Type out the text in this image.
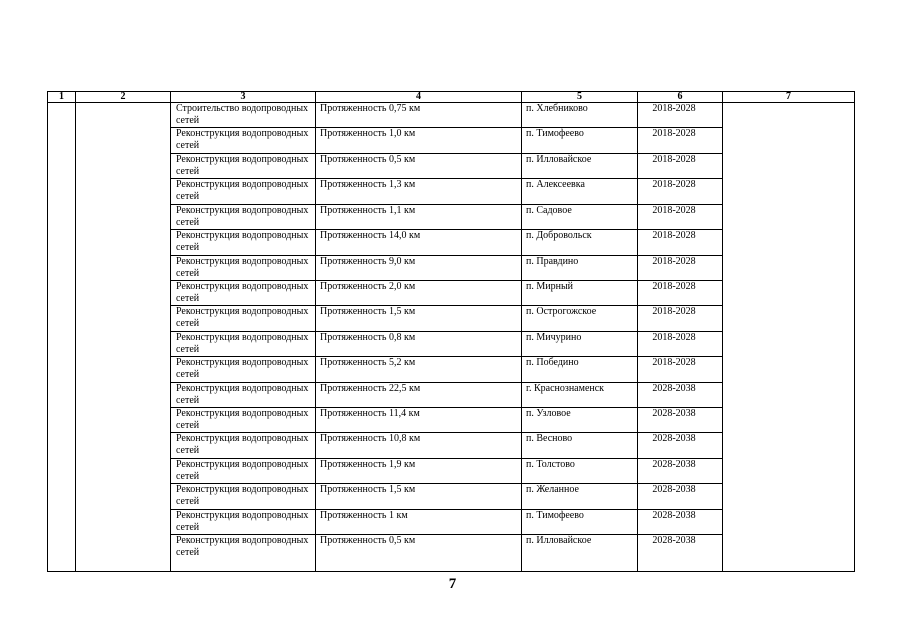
1	2	3	4	5	6	7

		Строительство водопроводных сетей	Протяженность 0,75 км	п. Хлебниково	2018-2028	

		Реконструкция водопроводных сетей	Протяженность 1,0 км	п. Тимофеево	2018-2028	

		Реконструкция водопроводных сетей	Протяженность 0,5 км	п. Илловайское	2018-2028	

		Реконструкция водопроводных сетей	Протяженность 1,3 км	п. Алексеевка	2018-2028	

		Реконструкция водопроводных сетей	Протяженность 1,1 км	п. Садовое	2018-2028	

		Реконструкция водопроводных сетей	Протяженность 14,0 км	п. Добровольск	2018-2028	

		Реконструкция водопроводных сетей	Протяженность 9,0 км	п. Правдино	2018-2028	

		Реконструкция водопроводных сетей	Протяженность 2,0 км	п. Мирный	2018-2028	

		Реконструкция водопроводных сетей	Протяженность 1,5 км	п. Острогожское	2018-2028	

		Реконструкция водопроводных сетей	Протяженность 0,8 км	п. Мичурино	2018-2028	

		Реконструкция водопроводных сетей	Протяженность 5,2 км	п. Победино	2018-2028	

		Реконструкция водопроводных сетей	Протяженность 22,5 км	г. Краснознаменск	2028-2038	

		Реконструкция водопроводных сетей	Протяженность 11,4 км	п. Узловое	2028-2038	

		Реконструкция водопроводных сетей	Протяженность 10,8 км	п. Весново	2028-2038	

		Реконструкция водопроводных сетей	Протяженность 1,9 км	п. Толстово	2028-2038	

		Реконструкция водопроводных сетей	Протяженность 1,5 км	п. Желанное	2028-2038	

		Реконструкция водопроводных сетей	Протяженность 1 км	п. Тимофеево	2028-2038	

		Реконструкция водопроводных сетей	Протяженность 0,5 км	п. Илловайское	2028-2038	

7
